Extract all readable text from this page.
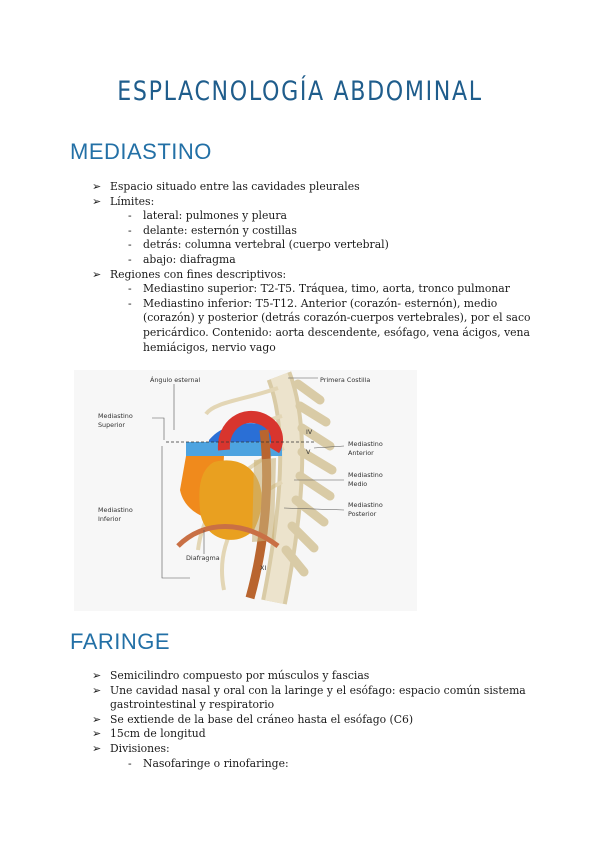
ESPLACNOLOGÍA ABDOMINAL
MEDIASTINO
➢ Espacio situado entre las cavidades pleurales
➢ Límites:
- lateral: pulmones y pleura
- delante: esternón y costillas
- detrás: columna vertebral (cuerpo vertebral)
- abajo: diafragma
➢ Regiones con fines descriptivos:
- Mediastino superior: T2-T5. Tráquea, timo, aorta, tronco pulmonar
- Mediastino inferior: T5-T12. Anterior (corazón- esternón), medio (corazón) y posterior (detrás corazón-cuerpos vertebrales), por el saco pericárdico. Contenido: aorta descendente, esófago, vena ácigos, vena hemiácigos, nervio vago
Ángulo esternal	Primera Costilla
Mediastino
Superior
Mediastino
Anterior
Mediastino
Medio
Mediastino
Posterior
Mediastino
Inferior
Diafragma
IV
V
XI
FARINGE
➢ Semicilindro compuesto por músculos y fascias
➢ Une cavidad nasal y oral con la laringe y el esófago: espacio común sistema gastrointestinal y respiratorio
➢ Se extiende de la base del cráneo hasta el esófago (C6)
➢ 15cm de longitud
➢ Divisiones:
- Nasofaringe o rinofaringe:
